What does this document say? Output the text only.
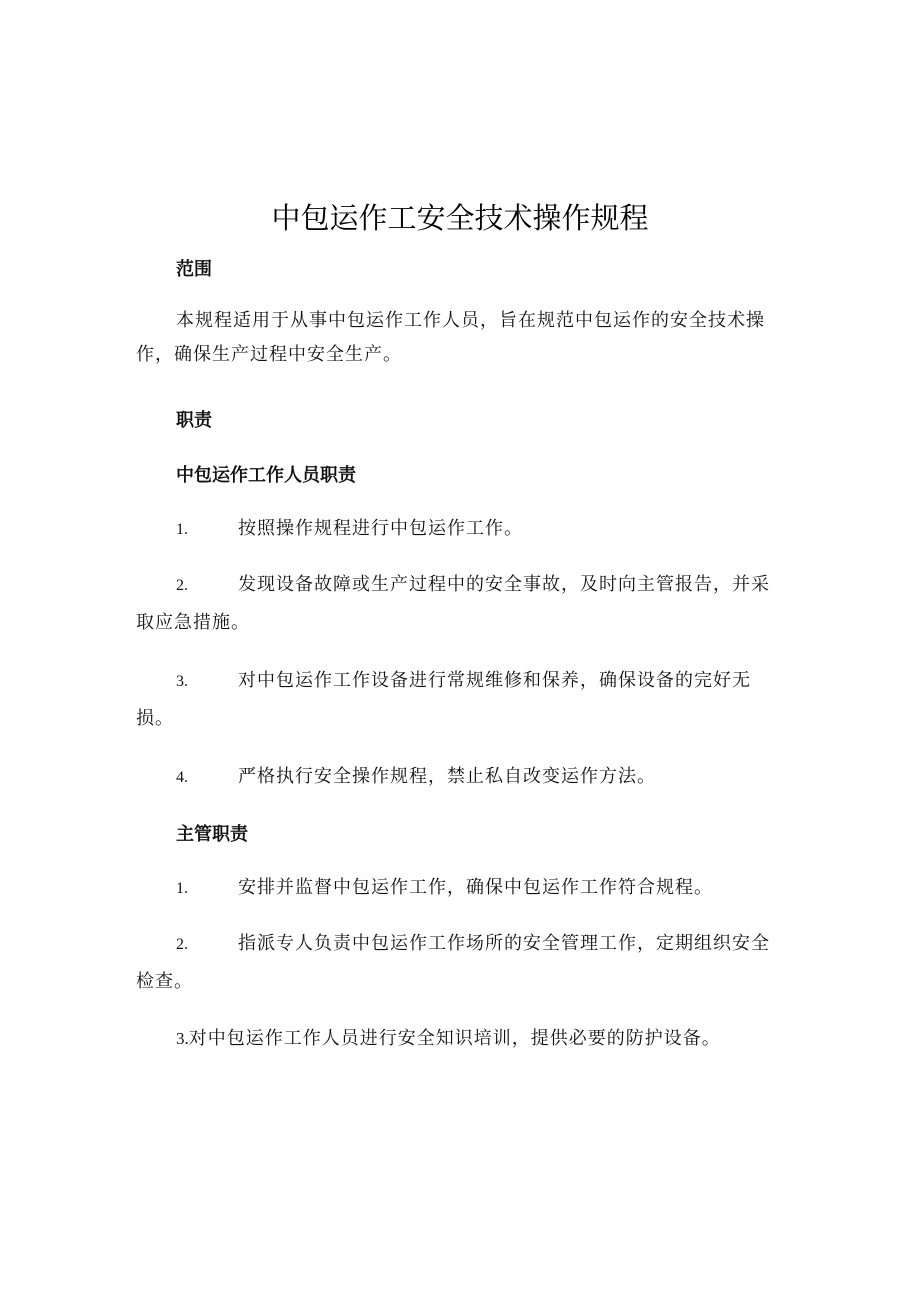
中包运作工安全技术操作规程
范围

本规程适用于从事中包运作工作人员，旨在规范中包运作的安全技术操作，确保生产过程中安全生产。

职责
中包运作工作人员职责

1.	按照操作规程进行中包运作工作。

2.	发现设备故障或生产过程中的安全事故，及时向主管报告，并采取应急措施。

3.	对中包运作工作设备进行常规维修和保养，确保设备的完好无损。

4.	严格执行安全操作规程，禁止私自改变运作方法。

主管职责

1.	安排并监督中包运作工作，确保中包运作工作符合规程。

2.	指派专人负责中包运作工作场所的安全管理工作，定期组织安全检查。

3.对中包运作工作人员进行安全知识培训，提供必要的防护设备。
